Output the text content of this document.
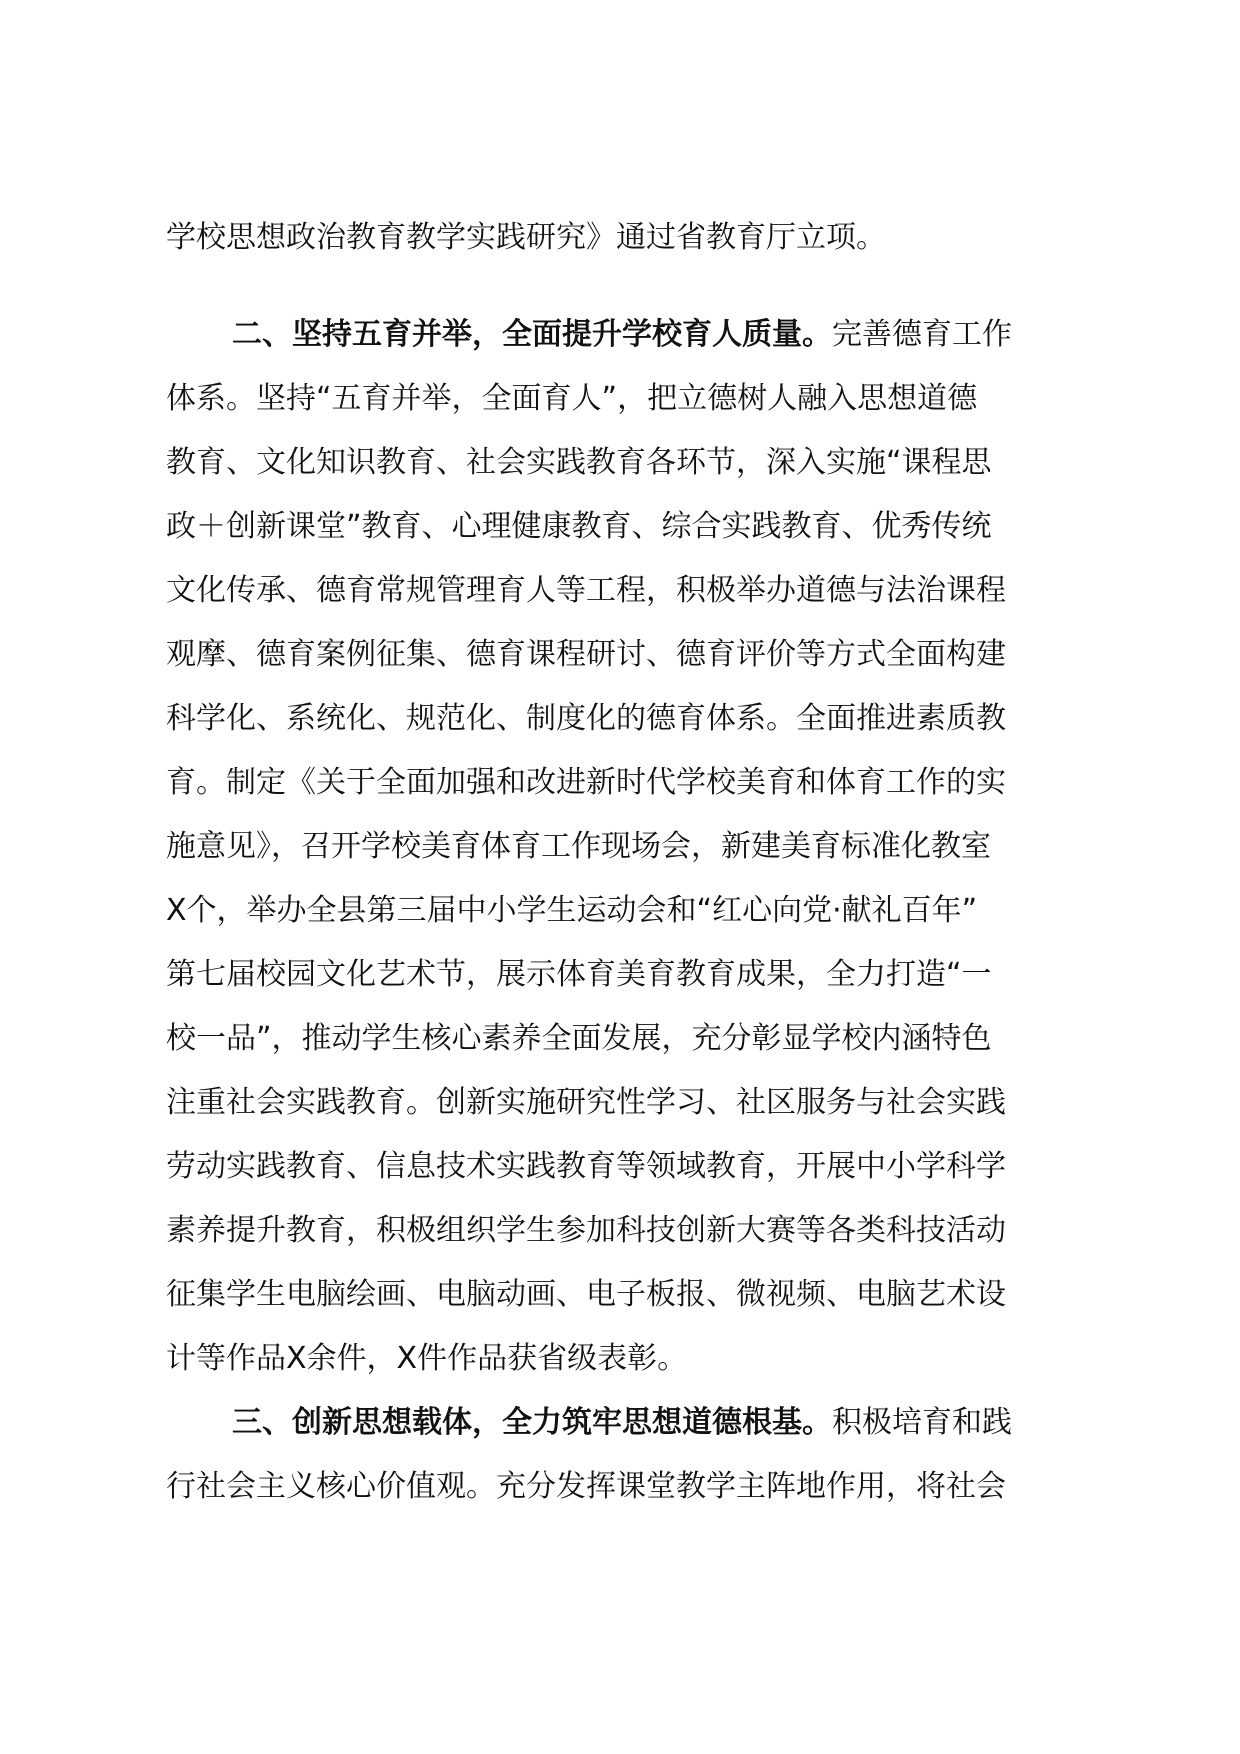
学校思想政治教育教学实践研究》通过省教育厅立项。
二、坚持五育并举，全面提升学校育人质量。完善德育工作
体系。坚持“五育并举，全面育人”，把立德树人融入思想道德
教育、文化知识教育、社会实践教育各环节，深入实施“课程思
政＋创新课堂”教育、心理健康教育、综合实践教育、优秀传统
文化传承、德育常规管理育人等工程，积极举办道德与法治课程
观摩、德育案例征集、德育课程研讨、德育评价等方式全面构建
科学化、系统化、规范化、制度化的德育体系。全面推进素质教
育。制定《关于全面加强和改进新时代学校美育和体育工作的实
施意见》，召开学校美育体育工作现场会，新建美育标准化教室
X个，举办全县第三届中小学生运动会和“红心向党·献礼百年”
第七届校园文化艺术节，展示体育美育教育成果，全力打造“一
校一品”，推动学生核心素养全面发展，充分彰显学校内涵特色
注重社会实践教育。创新实施研究性学习、社区服务与社会实践
劳动实践教育、信息技术实践教育等领域教育，开展中小学科学
素养提升教育，积极组织学生参加科技创新大赛等各类科技活动
征集学生电脑绘画、电脑动画、电子板报、微视频、电脑艺术设
计等作品X余件，X件作品获省级表彰。
三、创新思想载体，全力筑牢思想道德根基。积极培育和践
行社会主义核心价值观。充分发挥课堂教学主阵地作用，将社会
